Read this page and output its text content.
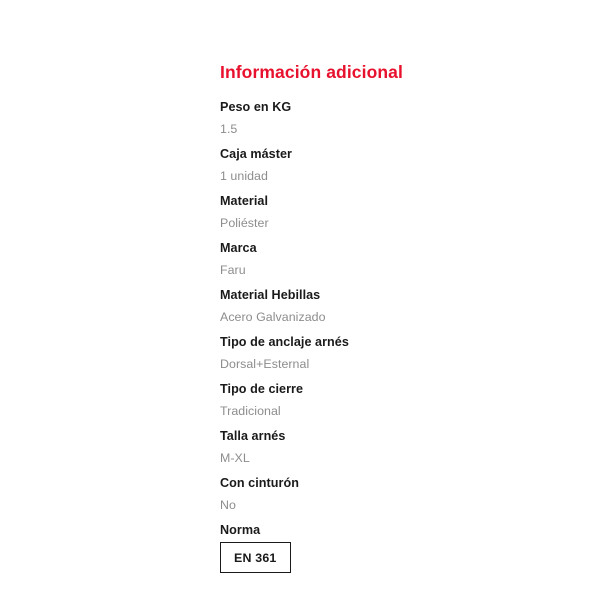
Información adicional
Peso en KG
1.5
Caja máster
1 unidad
Material
Poliéster
Marca
Faru
Material Hebillas
Acero Galvanizado
Tipo de anclaje arnés
Dorsal+Esternal
Tipo de cierre
Tradicional
Talla arnés
M-XL
Con cinturón
No
Norma
EN 361
